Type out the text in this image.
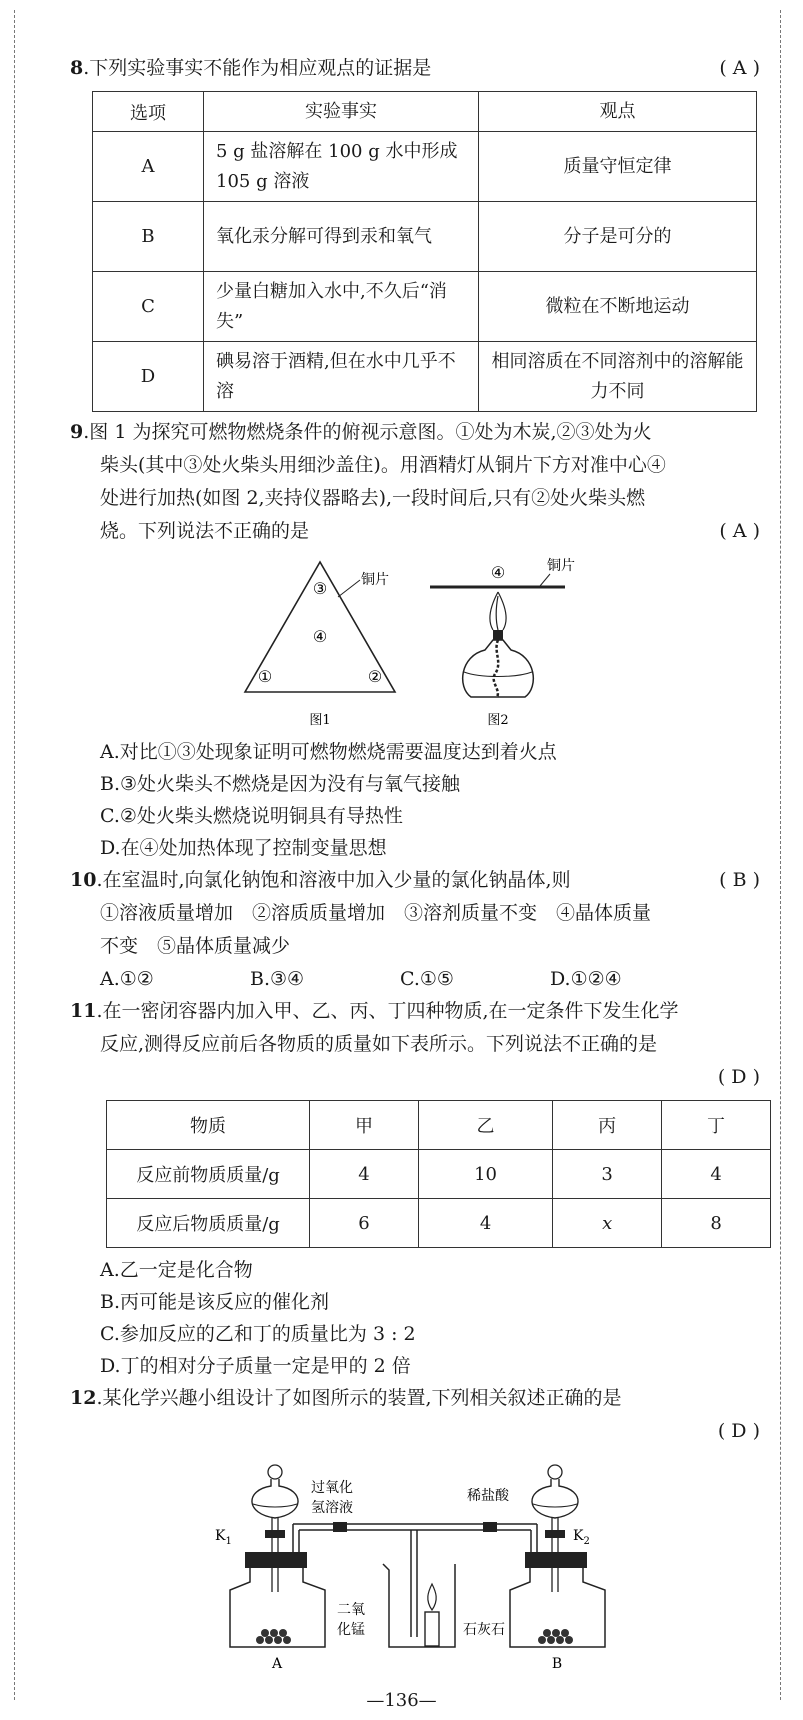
8.下列实验事实不能作为相应观点的证据是	( A )
选项	实验事实	观点
A	5 g 盐溶解在 100 g 水中形成 105 g 溶液	质量守恒定律
B	氧化汞分解可得到汞和氧气	分子是可分的
C	少量白糖加入水中,不久后“消失”	微粒在不断地运动
D	碘易溶于酒精,但在水中几乎不溶	相同溶质在不同溶剂中的溶解能力不同
9.图 1 为探究可燃物燃烧条件的俯视示意图。①处为木炭,②③处为火
柴头(其中③处火柴头用细沙盖住)。用酒精灯从铜片下方对准中心④
处进行加热(如图 2,夹持仪器略去),一段时间后,只有②处火柴头燃
烧。下列说法不正确的是	( A )
③
④
①	②
铜片
图1
铜片
④
图2
A.对比①③处现象证明可燃物燃烧需要温度达到着火点
B.③处火柴头不燃烧是因为没有与氧气接触
C.②处火柴头燃烧说明铜具有导热性
D.在④处加热体现了控制变量思想
10.在室温时,向氯化钠饱和溶液中加入少量的氯化钠晶体,则	( B )
①溶液质量增加　②溶质质量增加　③溶剂质量不变　④晶体质量
不变　⑤晶体质量减少
A.①②	B.③④	C.①⑤	D.①②④
11.在一密闭容器内加入甲、乙、丙、丁四种物质,在一定条件下发生化学
反应,测得反应前后各物质的质量如下表所示。下列说法不正确的是
( D )
物质	甲	乙	丙	丁
反应前物质质量/g	4	10	3	4
反应后物质质量/g	6	4	x	8
A.乙一定是化合物
B.丙可能是该反应的催化剂
C.参加反应的乙和丁的质量比为 3 : 2
D.丁的相对分子质量一定是甲的 2 倍
12.某化学兴趣小组设计了如图所示的装置,下列相关叙述正确的是
( D )
$K_1$
过氧化
氢溶液
二氧
化锰
$K_2$
稀盐酸
石灰石
A	B
—136—
